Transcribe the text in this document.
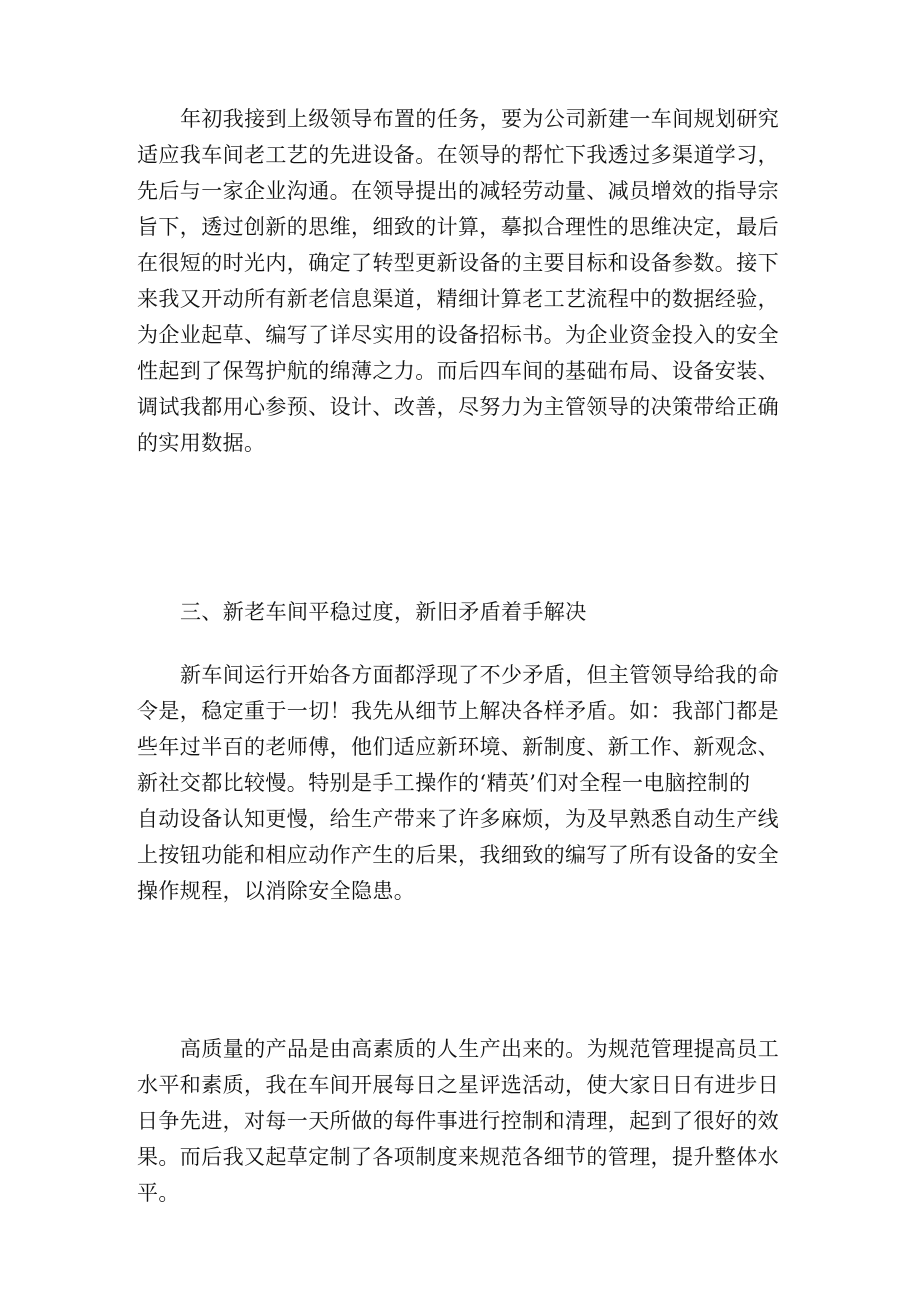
年初我接到上级领导布置的任务，要为公司新建一车间规划研究
适应我车间老工艺的先进设备。在领导的帮忙下我透过多渠道学习，
先后与一家企业沟通。在领导提出的减轻劳动量、减员增效的指导宗
旨下，透过创新的思维，细致的计算，摹拟合理性的思维决定，最后
在很短的时光内，确定了转型更新设备的主要目标和设备参数。接下
来我又开动所有新老信息渠道，精细计算老工艺流程中的数据经验，
为企业起草、编写了详尽实用的设备招标书。为企业资金投入的安全
性起到了保驾护航的绵薄之力。而后四车间的基础布局、设备安装、
调试我都用心参预、设计、改善，尽努力为主管领导的决策带给正确
的实用数据。
三、新老车间平稳过度，新旧矛盾着手解决
新车间运行开始各方面都浮现了不少矛盾，但主管领导给我的命
令是，稳定重于一切！我先从细节上解决各样矛盾。如：我部门都是
些年过半百的老师傅，他们适应新环境、新制度、新工作、新观念、
新社交都比较慢。特别是手工操作的‘精英’们对全程一电脑控制的
自动设备认知更慢，给生产带来了许多麻烦，为及早熟悉自动生产线
上按钮功能和相应动作产生的后果，我细致的编写了所有设备的安全
操作规程，以消除安全隐患。
高质量的产品是由高素质的人生产出来的。为规范管理提高员工
水平和素质，我在车间开展每日之星评选活动，使大家日日有进步日
日争先进，对每一天所做的每件事进行控制和清理，起到了很好的效
果。而后我又起草定制了各项制度来规范各细节的管理，提升整体水
平。
